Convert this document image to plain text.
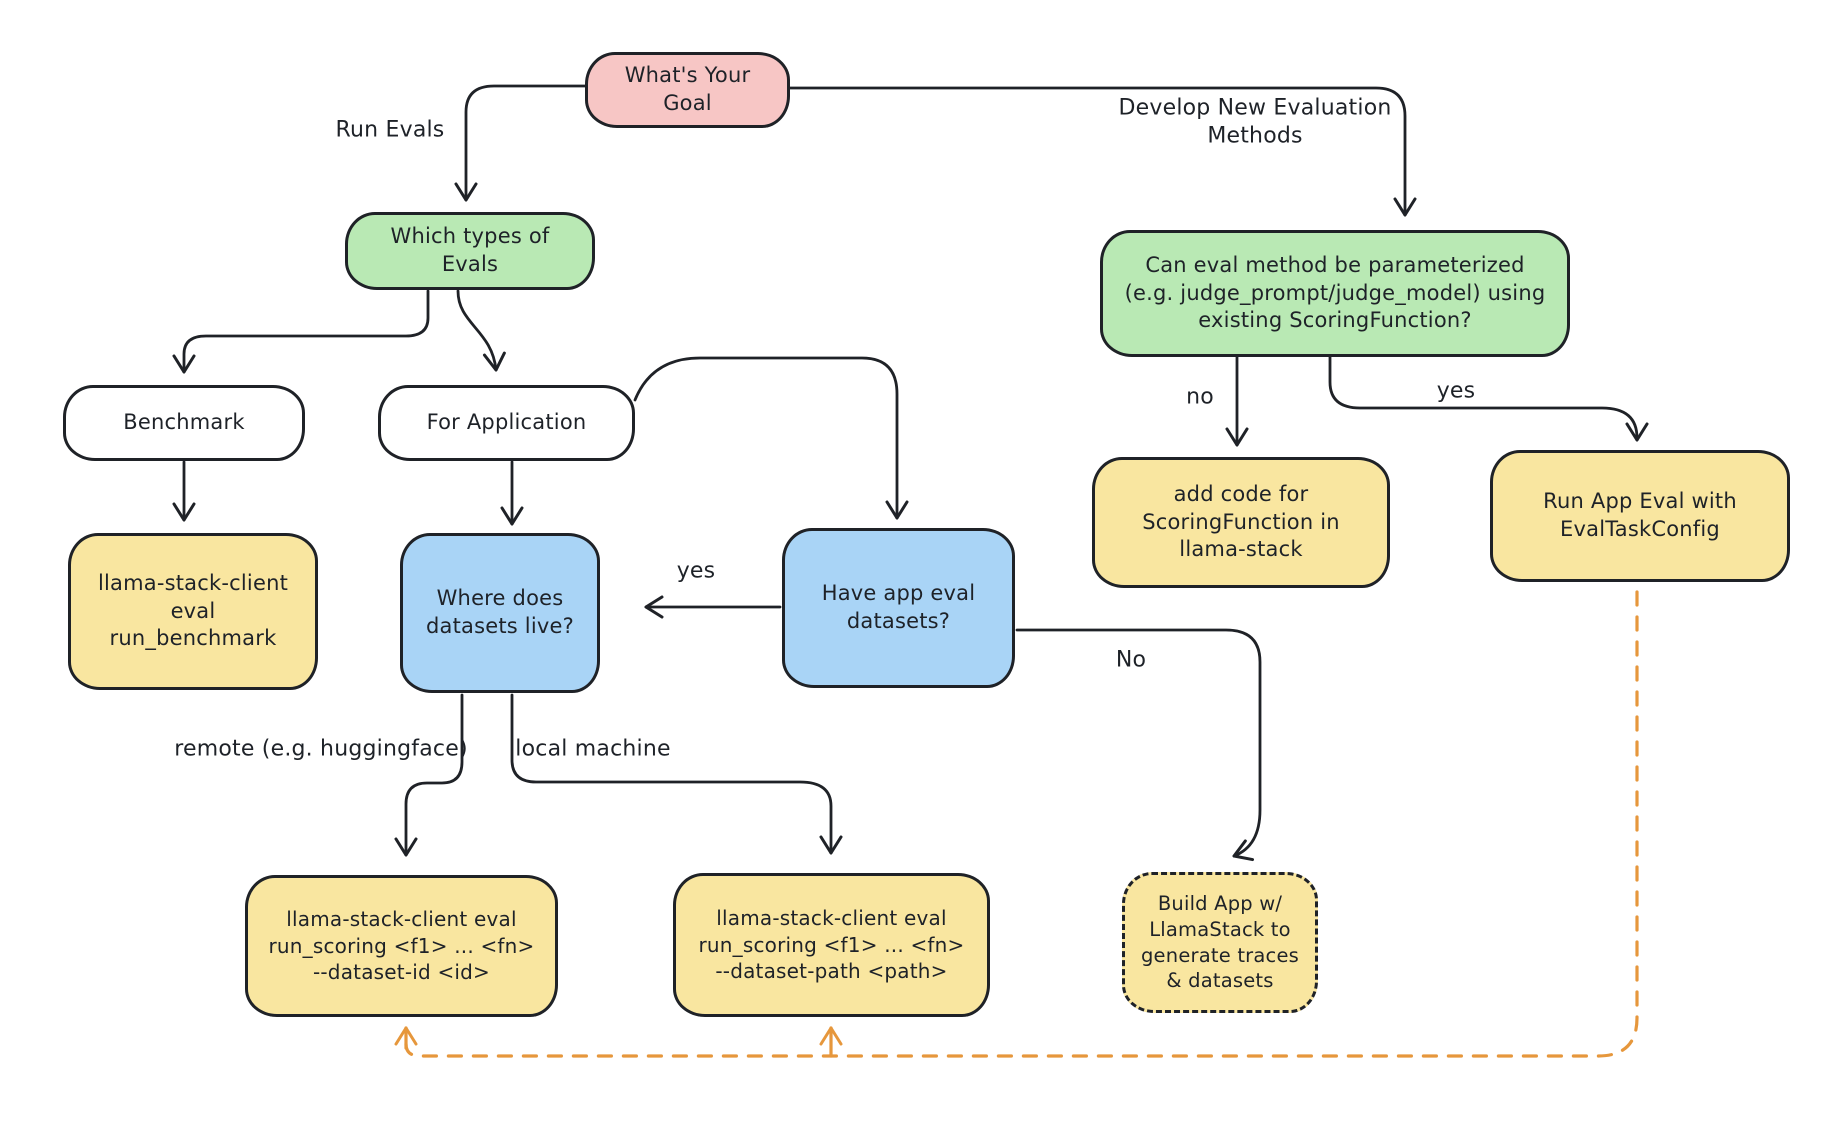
What's Your Goal
Which types of Evals
Benchmark	For Application
llama-stack-client eval run_benchmark
Where does datasets live?
Have app eval datasets?
Can eval method be parameterized (e.g. judge_prompt/judge_model) using existing ScoringFunction?
add code for ScoringFunction in llama-stack
Run App Eval with EvalTaskConfig
llama-stack-client eval run_scoring <f1> ... <fn> --dataset-id <id>
llama-stack-client eval run_scoring <f1> ... <fn> --dataset-path <path>
Build App w/ LlamaStack to generate traces & datasets
Run Evals
Develop New Evaluation Methods
yes
no	yes
No
remote (e.g. huggingface) local machine
